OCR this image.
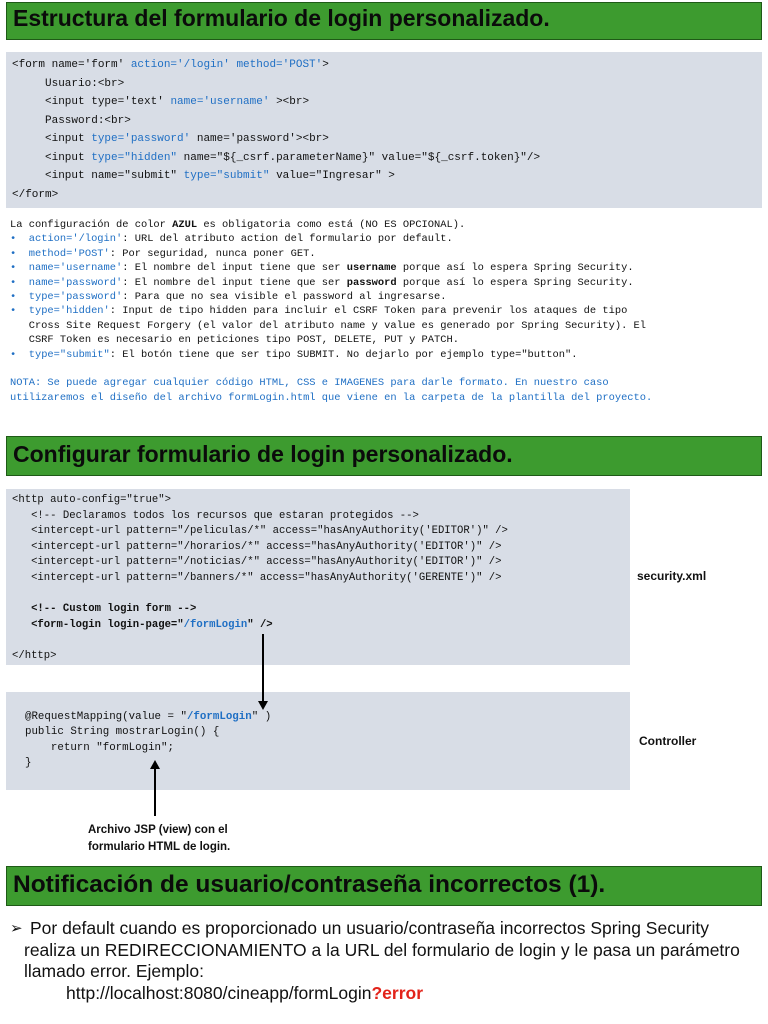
Estructura del formulario de login personalizado.
<form name='form' action='/login' method='POST'>
Usuario:<br>
<input type='text' name='username' ><br>
Password:<br>
<input type='password' name='password'><br>
<input type="hidden" name="${_csrf.parameterName}" value="${_csrf.token}"/>
<input name="submit" type="submit" value="Ingresar" >
</form>
La configuración de color AZUL es obligatoria como está (NO ES OPCIONAL).
•  action='/login': URL del atributo action del formulario por default.
•  method='POST': Por seguridad, nunca poner GET.
•  name='username': El nombre del input tiene que ser username porque así lo espera Spring Security.
•  name='password': El nombre del input tiene que ser password porque así lo espera Spring Security.
•  type='password': Para que no sea visible el password al ingresarse.
•  type='hidden': Input de tipo hidden para incluir el CSRF Token para prevenir los ataques de tipo
Cross Site Request Forgery (el valor del atributo name y value es generado por Spring Security). El
CSRF Token es necesario en peticiones tipo POST, DELETE, PUT y PATCH.
•  type="submit": El botón tiene que ser tipo SUBMIT. No dejarlo por ejemplo type="button".
NOTA: Se puede agregar cualquier código HTML, CSS e IMAGENES para darle formato. En nuestro caso
utilizaremos el diseño del archivo formLogin.html que viene en la carpeta de la plantilla del proyecto.
Configurar formulario de login personalizado.
<http auto-config="true">
<!-- Declaramos todos los recursos que estaran protegidos -->
<intercept-url pattern="/peliculas/*" access="hasAnyAuthority('EDITOR')" />
<intercept-url pattern="/horarios/*" access="hasAnyAuthority('EDITOR')" />
<intercept-url pattern="/noticias/*" access="hasAnyAuthority('EDITOR')" />
<intercept-url pattern="/banners/*" access="hasAnyAuthority('GERENTE')" />
<!-- Custom login form -->
<form-login login-page="/formLogin" />
</http>
security.xml
@RequestMapping(value = "/formLogin" )
public String mostrarLogin() {
return "formLogin";
}
Controller
Archivo JSP (view) con el
formulario HTML de login.
Notificación de usuario/contraseña incorrectos (1).
➢ Por default cuando es proporcionado un usuario/contraseña incorrectos Spring Security realiza un REDIRECCIONAMIENTO a la URL del formulario de login y le pasa un parámetro llamado error. Ejemplo:
http://localhost:8080/cineapp/formLogin?error
